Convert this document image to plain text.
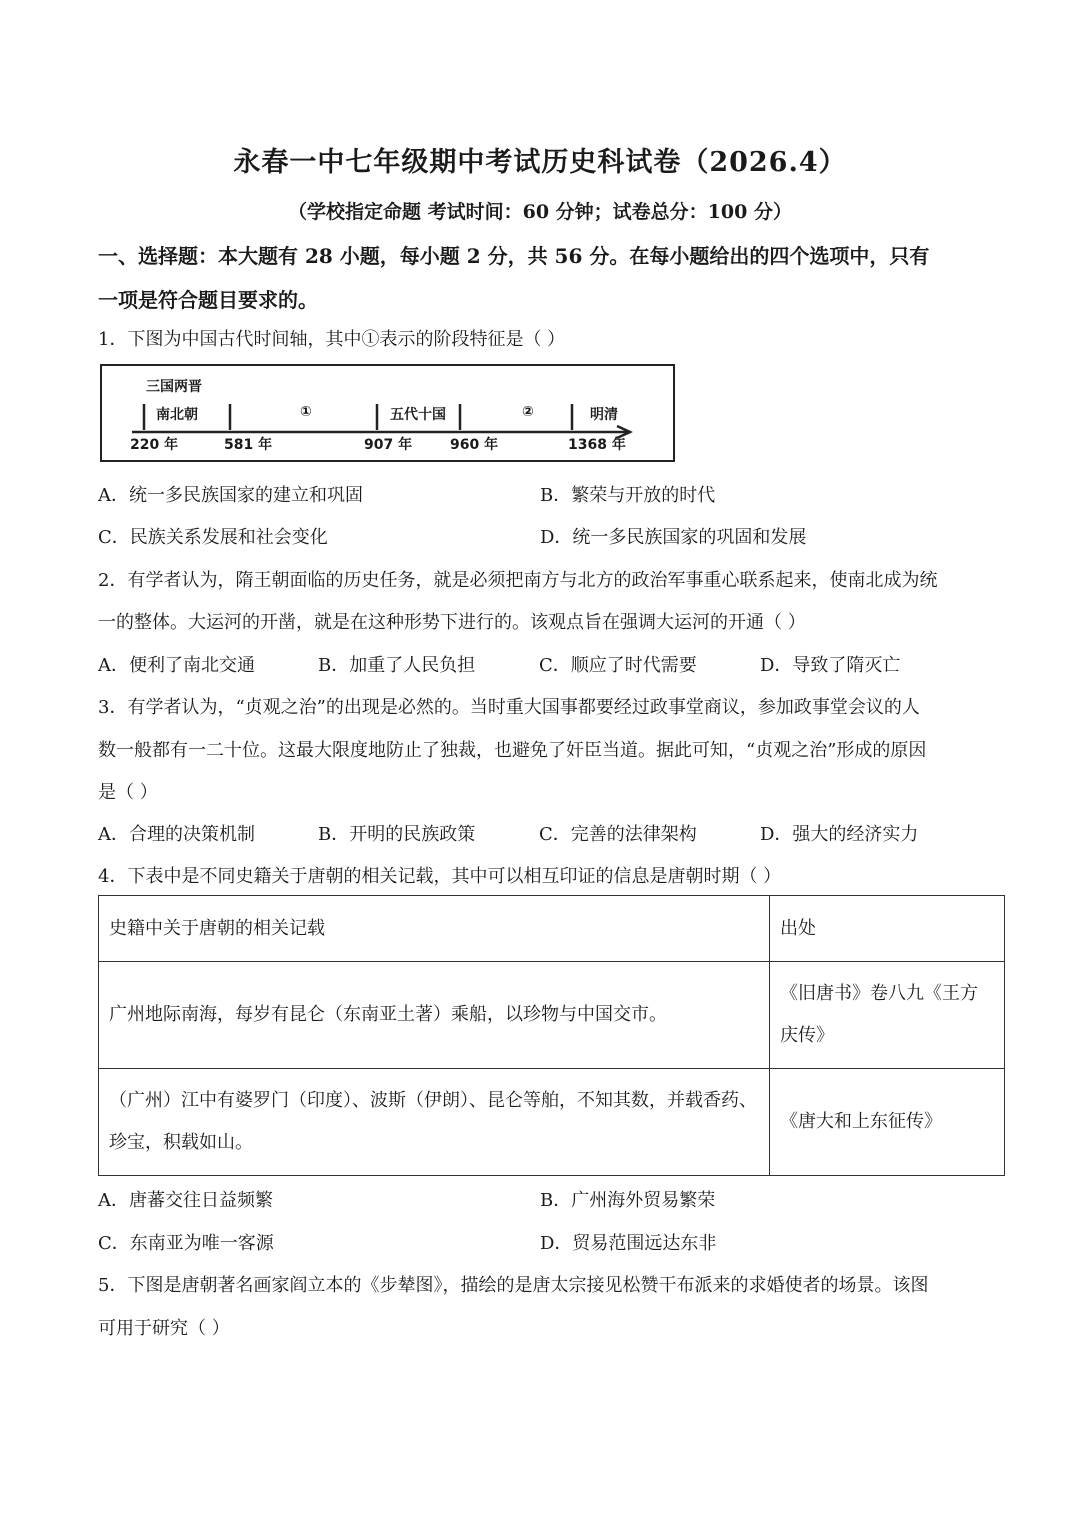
永春一中七年级期中考试历史科试卷（2026.4）
（学校指定命题 考试时间：60 分钟；试卷总分：100 分）
一、选择题：本大题有 28 小题，每小题 2 分，共 56 分。在每小题给出的四个选项中，只有
一项是符合题目要求的。
1．下图为中国古代时间轴，其中①表示的阶段特征是（ ）
三国两晋
南北朝	①	五代十国	②	明清
220 年	581 年	907 年	960 年	1368 年
A．统一多民族国家的建立和巩固	B．繁荣与开放的时代
C．民族关系发展和社会变化	D．统一多民族国家的巩固和发展
2．有学者认为，隋王朝面临的历史任务，就是必须把南方与北方的政治军事重心联系起来，使南北成为统
一的整体。大运河的开凿，就是在这种形势下进行的。该观点旨在强调大运河的开通（ ）
A．便利了南北交通	B．加重了人民负担	C．顺应了时代需要	D．导致了隋灭亡
3．有学者认为，“贞观之治”的出现是必然的。当时重大国事都要经过政事堂商议，参加政事堂会议的人
数一般都有一二十位。这最大限度地防止了独裁，也避免了奸臣当道。据此可知，“贞观之治”形成的原因
是（ ）
A．合理的决策机制	B．开明的民族政策	C．完善的法律架构	D．强大的经济实力
4．下表中是不同史籍关于唐朝的相关记载，其中可以相互印证的信息是唐朝时期（ ）
史籍中关于唐朝的相关记载	出处
广州地际南海，每岁有昆仑（东南亚土著）乘船，以珍物与中国交市。	《旧唐书》卷八九《王方庆传》
（广州）江中有婆罗门（印度）、波斯（伊朗）、昆仑等舶，不知其数，并载香药、珍宝，积载如山。	《唐大和上东征传》
A．唐蕃交往日益频繁	B．广州海外贸易繁荣
C．东南亚为唯一客源	D．贸易范围远达东非
5．下图是唐朝著名画家阎立本的《步辇图》，描绘的是唐太宗接见松赞干布派来的求婚使者的场景。该图
可用于研究（ ）
